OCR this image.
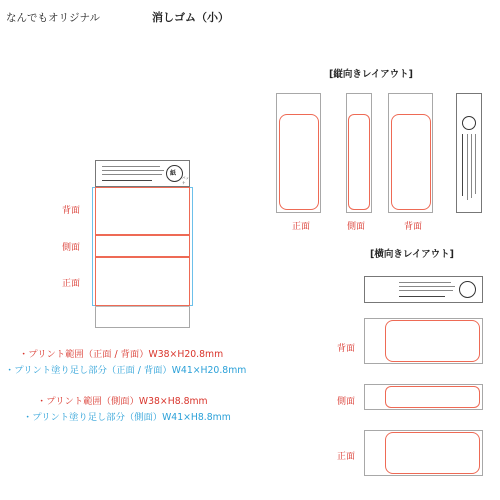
なんでもオリジナル	消しゴム（小）
紙
パッケ
背面
側面
正面
・プリント範囲（正面 / 背面）W38×H20.8mm
・プリント塗り足し部分（正面 / 背面）W41×H20.8mm
・プリント範囲（側面）W38×H8.8mm
・プリント塗り足し部分（側面）W41×H8.8mm
[縦向きレイアウト]
正面	側面	背面
[横向きレイアウト]
背面
側面
正面
